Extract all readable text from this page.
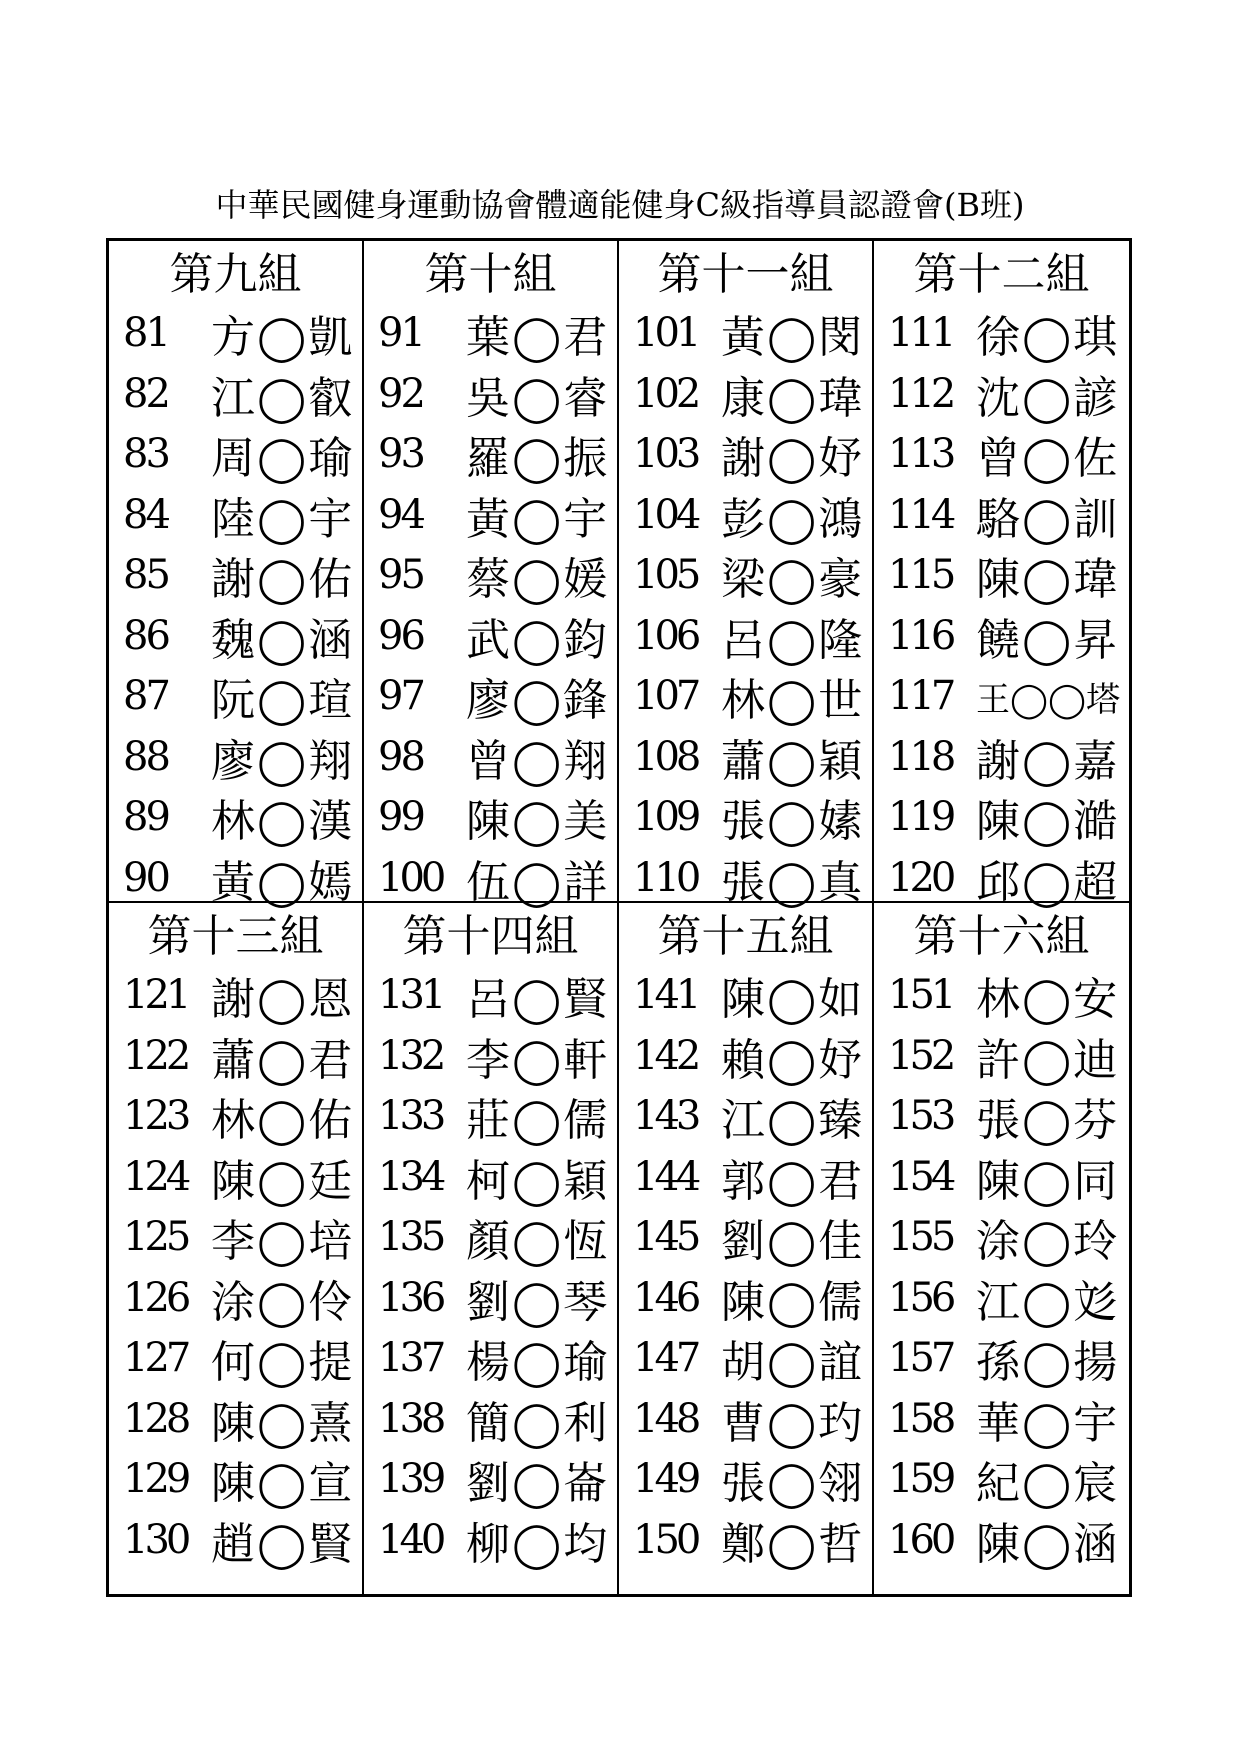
中華民國健身運動協會體適能健身C級指導員認證會(B班)
第九組
81 方◯凱
82 江◯叡
83 周◯瑜
84 陸◯宇
85 謝◯佑
86 魏◯涵
87 阮◯瑄
88 廖◯翔
89 林◯漢
90 黃◯嫣
第十組
91 葉◯君
92 吳◯睿
93 羅◯振
94 黃◯宇
95 蔡◯媛
96 武◯鈞
97 廖◯鋒
98 曾◯翔
99 陳◯美
100 伍◯詳
第十一組
101 黃◯閔
102 康◯瑋
103 謝◯妤
104 彭◯鴻
105 梁◯豪
106 呂◯隆
107 林◯世
108 蕭◯穎
109 張◯嫊
110 張◯真
第十二組
111 徐◯琪
112 沈◯諺
113 曾◯佐
114 駱◯訓
115 陳◯瑋
116 饒◯昇
117 王◯◯塔
118 謝◯嘉
119 陳◯澔
120 邱◯超
第十三組
121 謝◯恩
122 蕭◯君
123 林◯佑
124 陳◯廷
125 李◯培
126 涂◯伶
127 何◯提
128 陳◯熹
129 陳◯宣
130 趙◯賢
第十四組
131 呂◯賢
132 李◯軒
133 莊◯儒
134 柯◯穎
135 顏◯恆
136 劉◯琴
137 楊◯瑜
138 簡◯利
139 劉◯崙
140 柳◯均
第十五組
141 陳◯如
142 賴◯妤
143 江◯臻
144 郭◯君
145 劉◯佳
146 陳◯儒
147 胡◯誼
148 曹◯玓
149 張◯翎
150 鄭◯哲
第十六組
151 林◯安
152 許◯迪
153 張◯芬
154 陳◯同
155 涂◯玲
156 江◯彣
157 孫◯揚
158 華◯宇
159 紀◯宸
160 陳◯涵
